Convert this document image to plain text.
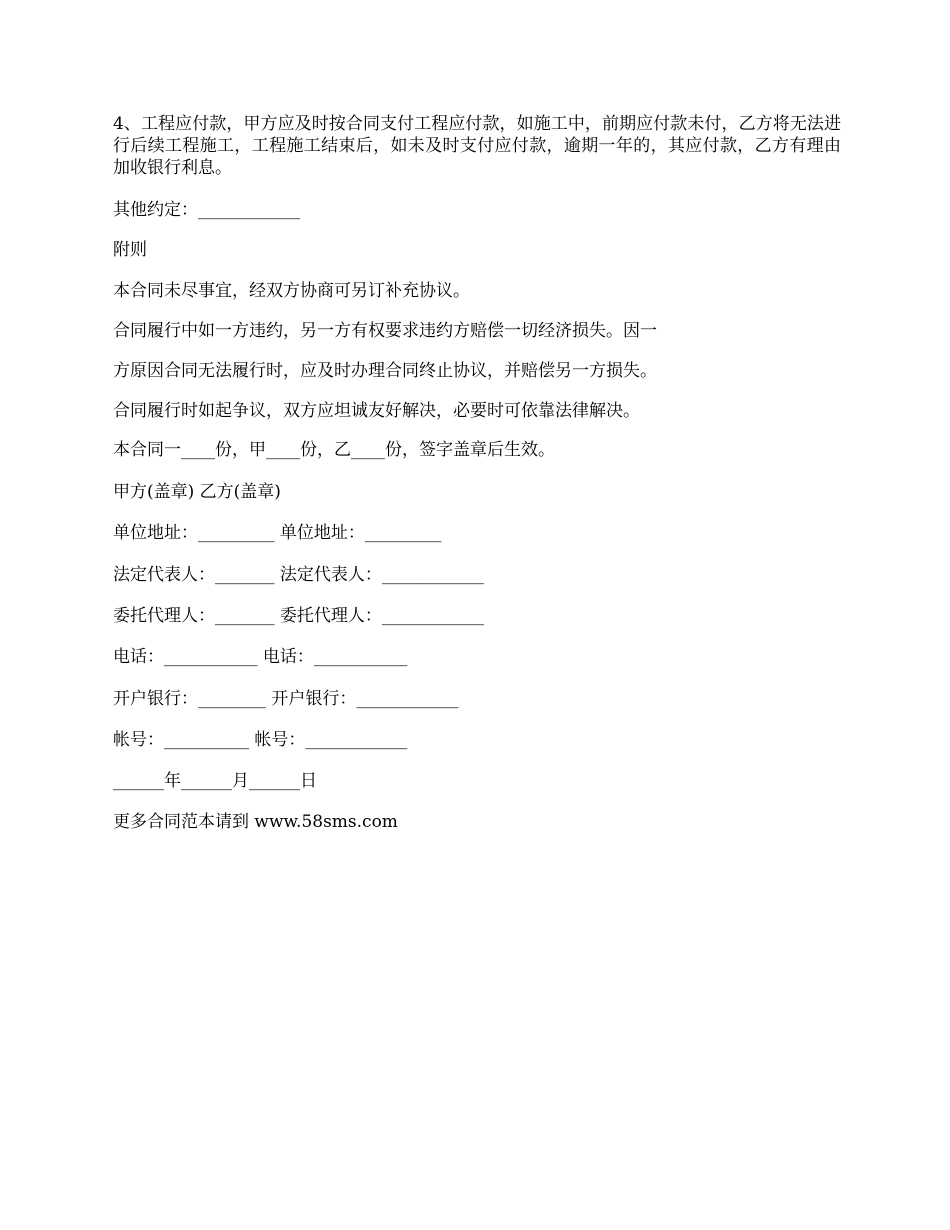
4、工程应付款，甲方应及时按合同支付工程应付款，如施工中，前期应付款未付，乙方将无法进行后续工程施工，工程施工结束后，如未及时支付应付款，逾期一年的，其应付款，乙方有理由加收银行利息。

其他约定：____________

附则

本合同未尽事宜，经双方协商可另订补充协议。

合同履行中如一方违约，另一方有权要求违约方赔偿一切经济损失。因一

方原因合同无法履行时，应及时办理合同终止协议，并赔偿另一方损失。

合同履行时如起争议，双方应坦诚友好解决，必要时可依靠法律解决。

本合同一____份，甲____份，乙____份，签字盖章后生效。

甲方(盖章) 乙方(盖章)

单位地址：_________ 单位地址：_________

法定代表人：_______ 法定代表人：____________

委托代理人：_______ 委托代理人：____________

电话：___________ 电话：___________

开户银行：________ 开户银行：____________

帐号：__________ 帐号：____________

______年______月______日

更多合同范本请到 www.58sms.com
